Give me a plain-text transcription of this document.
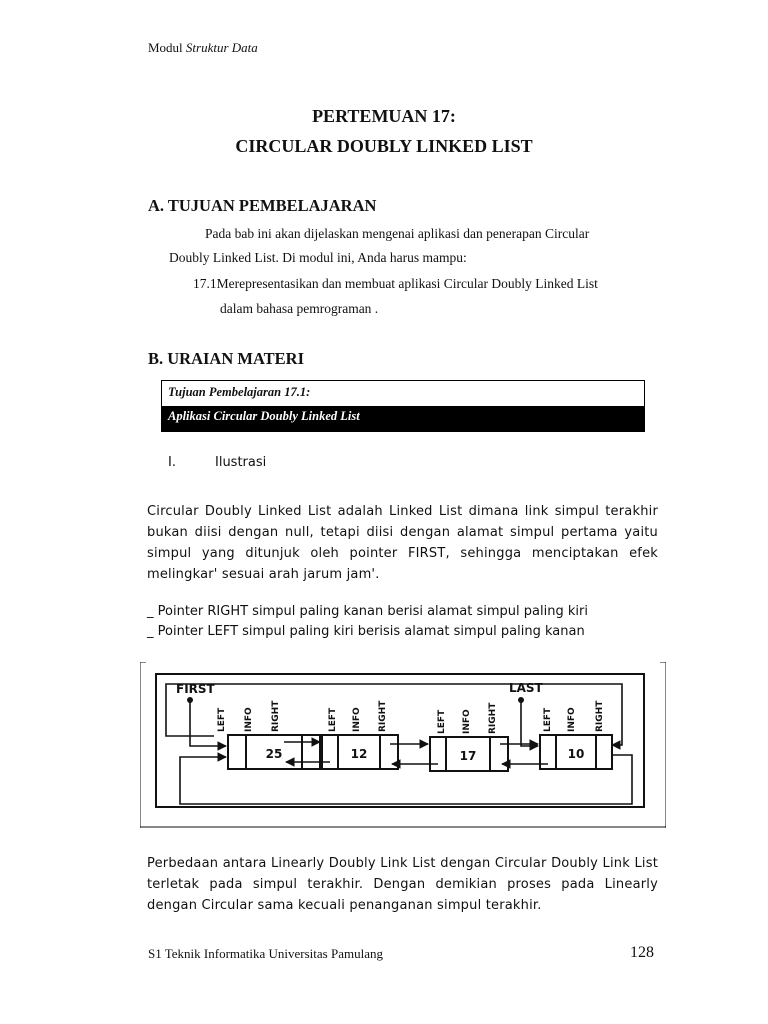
Modul Struktur Data
PERTEMUAN 17:
CIRCULAR DOUBLY LINKED LIST
A. TUJUAN PEMBELAJARAN
Pada bab ini akan dijelaskan mengenai aplikasi dan penerapan Circular
Doubly Linked List. Di modul ini, Anda harus mampu:
17.1Merepresentasikan dan membuat aplikasi Circular Doubly Linked List
dalam bahasa pemrograman .
B. URAIAN MATERI
Tujuan Pembelajaran 17.1:
Aplikasi Circular Doubly Linked List
I.	Ilustrasi
Circular Doubly Linked List adalah Linked List dimana link simpul terakhir bukan diisi dengan null, tetapi diisi dengan alamat simpul pertama yaitu simpul yang ditunjuk oleh pointer FIRST, sehingga menciptakan efek melingkar' sesuai arah jarum jam'.
_ Pointer RIGHT simpul paling kanan berisi alamat simpul paling kiri
_ Pointer LEFT simpul paling kiri berisis alamat simpul paling kanan
FIRST	LAST
25
LEFT INFO RIGHT
12
LEFT INFO RIGHT
17
LEFT INFO RIGHT
10
LEFT INFO RIGHT
Perbedaan antara Linearly Doubly Link List dengan Circular Doubly Link List terletak pada simpul terakhir. Dengan demikian proses pada Linearly dengan Circular sama kecuali penanganan simpul terakhir.
S1 Teknik Informatika Universitas Pamulang	128
